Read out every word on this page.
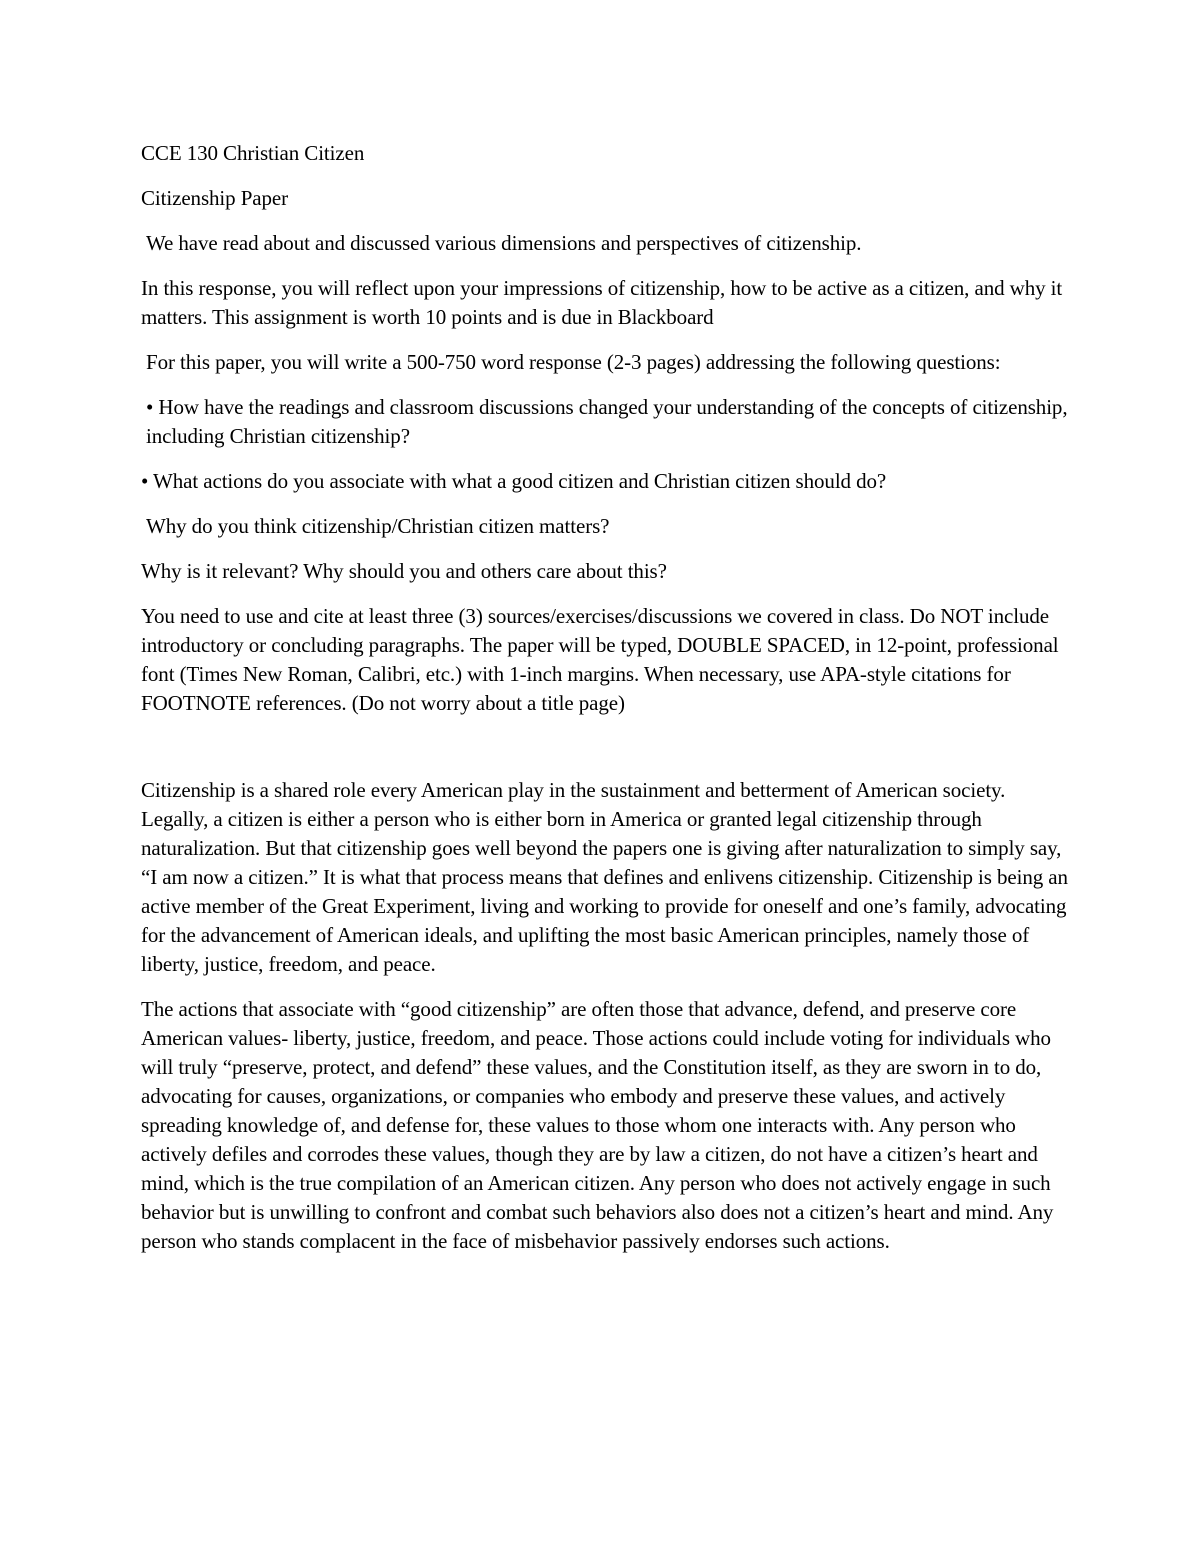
CCE 130 Christian Citizen

Citizenship Paper

We have read about and discussed various dimensions and perspectives of citizenship.

In this response, you will reflect upon your impressions of citizenship, how to be active as a citizen, and why it matters. This assignment is worth 10 points and is due in Blackboard

For this paper, you will write a 500-750 word response (2-3 pages) addressing the following questions:

• How have the readings and classroom discussions changed your understanding of the concepts of citizenship, including Christian citizenship?

• What actions do you associate with what a good citizen and Christian citizen should do?

Why do you think citizenship/Christian citizen matters?

Why is it relevant? Why should you and others care about this?

You need to use and cite at least three (3) sources/exercises/discussions we covered in class. Do NOT include introductory or concluding paragraphs. The paper will be typed, DOUBLE SPACED, in 12-point, professional font (Times New Roman, Calibri, etc.) with 1-inch margins. When necessary, use APA-style citations for FOOTNOTE references. (Do not worry about a title page)

Citizenship is a shared role every American play in the sustainment and betterment of American society. Legally, a citizen is either a person who is either born in America or granted legal citizenship through naturalization. But that citizenship goes well beyond the papers one is giving after naturalization to simply say, “I am now a citizen.” It is what that process means that defines and enlivens citizenship. Citizenship is being an active member of the Great Experiment, living and working to provide for oneself and one’s family, advocating for the advancement of American ideals, and uplifting the most basic American principles, namely those of liberty, justice, freedom, and peace.

The actions that associate with “good citizenship” are often those that advance, defend, and preserve core American values- liberty, justice, freedom, and peace. Those actions could include voting for individuals who will truly “preserve, protect, and defend” these values, and the Constitution itself, as they are sworn in to do, advocating for causes, organizations, or companies who embody and preserve these values, and actively spreading knowledge of, and defense for, these values to those whom one interacts with. Any person who actively defiles and corrodes these values, though they are by law a citizen, do not have a citizen’s heart and mind, which is the true compilation of an American citizen. Any person who does not actively engage in such behavior but is unwilling to confront and combat such behaviors also does not a citizen’s heart and mind. Any person who stands complacent in the face of misbehavior passively endorses such actions.
